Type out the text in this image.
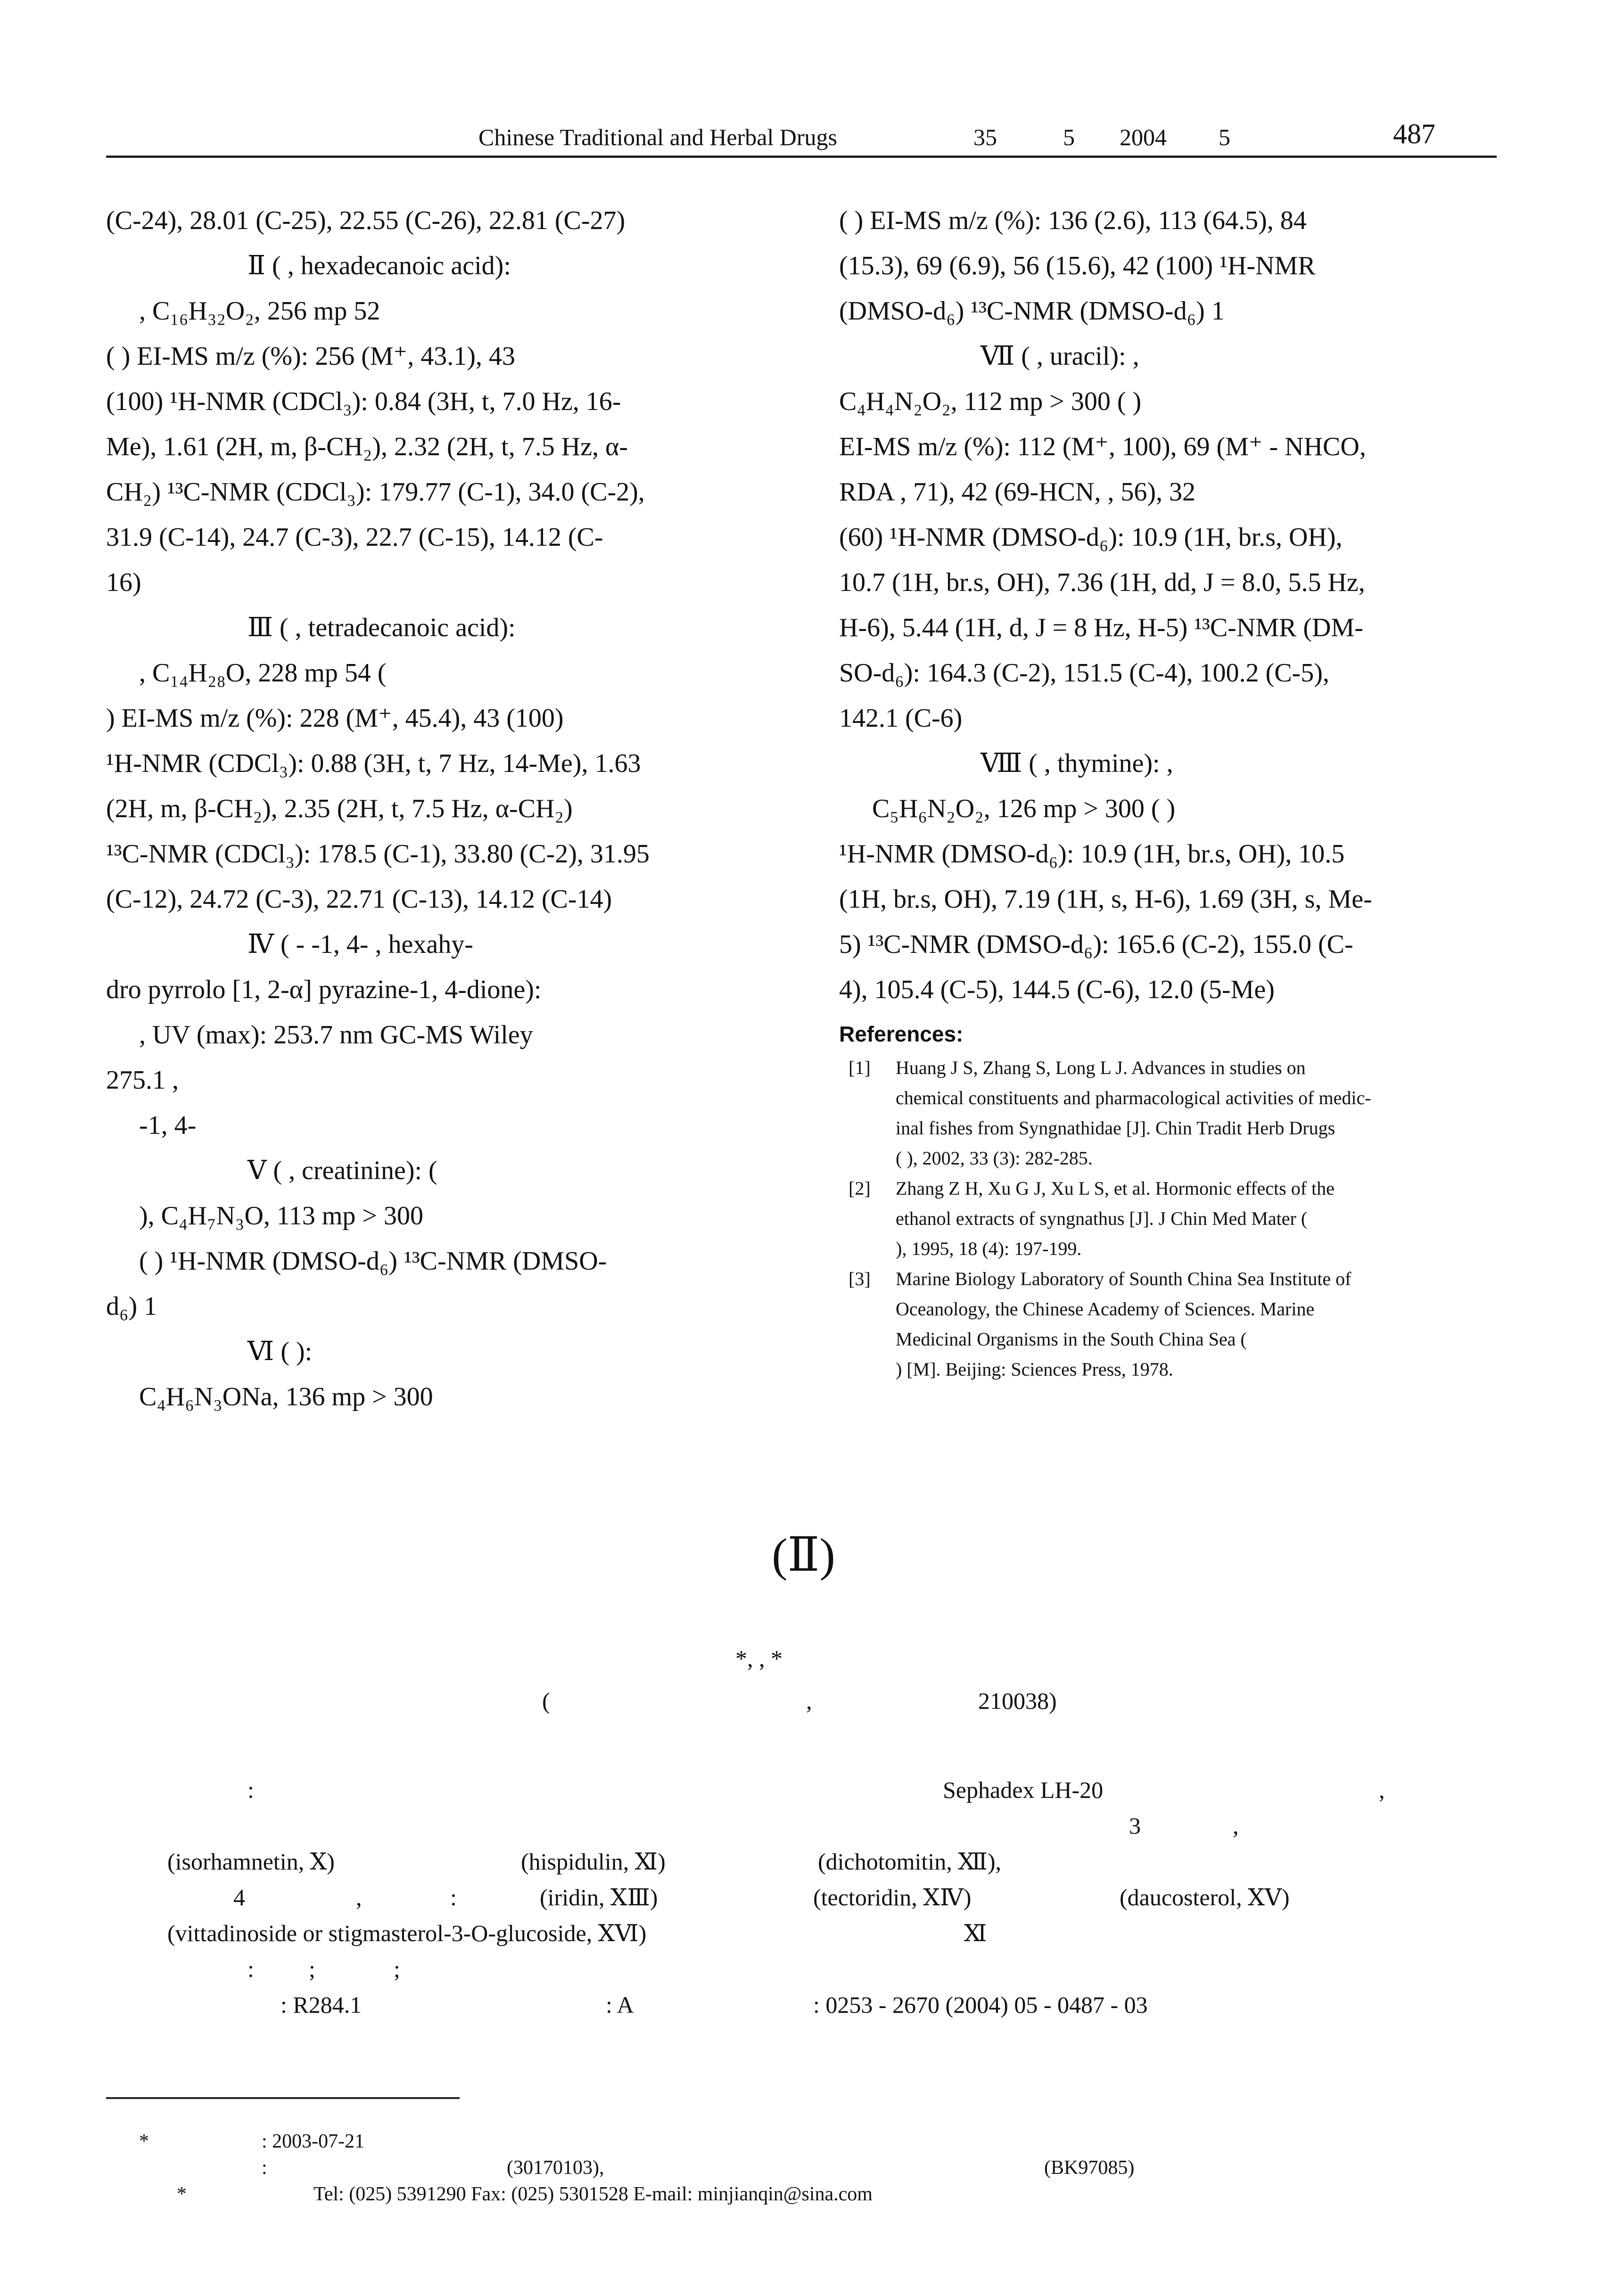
Chinese Traditional and Herbal Drugs	35	5 2004 5	487
(C-24), 28.01 (C-25), 22.55 (C-26), 22.81 (C-27)
Ⅱ ( , hexadecanoic acid):
, C₁₆H₃₂O₂, 256 mp 52
( ) EI-MS m/z (%): 256 (M⁺, 43.1), 43
(100) ¹H-NMR (CDCl₃): 0.84 (3H, t, 7.0 Hz, 16-
Me), 1.61 (2H, m, β-CH₂), 2.32 (2H, t, 7.5 Hz, α-
CH₂) ¹³C-NMR (CDCl₃): 179.77 (C-1), 34.0 (C-2),
31.9 (C-14), 24.7 (C-3), 22.7 (C-15), 14.12 (C-
16)
Ⅲ ( , tetradecanoic acid):
, C₁₄H₂₈O, 228 mp 54 (
) EI-MS m/z (%): 228 (M⁺, 45.4), 43 (100)
¹H-NMR (CDCl₃): 0.88 (3H, t, 7 Hz, 14-Me), 1.63
(2H, m, β-CH₂), 2.35 (2H, t, 7.5 Hz, α-CH₂)
¹³C-NMR (CDCl₃): 178.5 (C-1), 33.80 (C-2), 31.95
(C-12), 24.72 (C-3), 22.71 (C-13), 14.12 (C-14)
Ⅳ ( - -1, 4- , hexahy-
dro pyrrolo [1, 2-α] pyrazine-1, 4-dione):
, UV (max): 253.7 nm GC-MS Wiley
275.1 ,
-1, 4-
Ⅴ ( , creatinine): (
), C₄H₇N₃O, 113 mp > 300
( ) ¹H-NMR (DMSO-d₆) ¹³C-NMR (DMSO-
d₆) 1
Ⅵ ( ):
C₄H₆N₃ONa, 136 mp > 300
( ) EI-MS m/z (%): 136 (2.6), 113 (64.5), 84
(15.3), 69 (6.9), 56 (15.6), 42 (100) ¹H-NMR
(DMSO-d₆) ¹³C-NMR (DMSO-d₆) 1
Ⅶ ( , uracil): ,
C₄H₄N₂O₂, 112 mp > 300 ( )
EI-MS m/z (%): 112 (M⁺, 100), 69 (M⁺ - NHCO,
RDA , 71), 42 (69-HCN, , 56), 32
(60) ¹H-NMR (DMSO-d₆): 10.9 (1H, br.s, OH),
10.7 (1H, br.s, OH), 7.36 (1H, dd, J = 8.0, 5.5 Hz,
H-6), 5.44 (1H, d, J = 8 Hz, H-5) ¹³C-NMR (DM-
SO-d₆): 164.3 (C-2), 151.5 (C-4), 100.2 (C-5),
142.1 (C-6)
Ⅷ ( , thymine): ,
C₅H₆N₂O₂, 126 mp > 300 ( )
¹H-NMR (DMSO-d₆): 10.9 (1H, br.s, OH), 10.5
(1H, br.s, OH), 7.19 (1H, s, H-6), 1.69 (3H, s, Me-
5) ¹³C-NMR (DMSO-d₆): 165.6 (C-2), 155.0 (C-
4), 105.4 (C-5), 144.5 (C-6), 12.0 (5-Me)
References:
[1] Huang J S, Zhang S, Long L J. Advances in studies on
chemical constituents and pharmacological activities of medic-
inal fishes from Syngnathidae [J]. Chin Tradit Herb Drugs
( ), 2002, 33 (3): 282-285.
[2] Zhang Z H, Xu G J, Xu L S, et al. Hormonic effects of the
ethanol extracts of syngnathus [J]. J Chin Med Mater (
), 1995, 18 (4): 197-199.
[3] Marine Biology Laboratory of Sounth China Sea Institute of
Oceanology, the Chinese Academy of Sciences. Marine
Medicinal Organisms in the South China Sea (
) [M]. Beijing: Sciences Press, 1978.
(Ⅱ)
*, , *
(	,	210038)
:	Sephadex LH-20	,
3	,
(isorhamnetin, Ⅹ)	(hispidulin, Ⅺ)	(dichotomitin, Ⅻ),
4	,	:	(iridin, ⅩⅢ)	(tectoridin, ⅩⅣ)	(daucosterol, ⅩⅤ)
(vittadinoside or stigmasterol-3-O-glucoside, ⅩⅥ)	Ⅺ
: ;	;
: R284.1	: A	: 0253 - 2670 (2004) 05 - 0487 - 03
*	: 2003-07-21
:	(30170103),	(BK97085)
*	Tel: (025) 5391290 Fax: (025) 5301528 E-mail: minjianqin@sina.com
